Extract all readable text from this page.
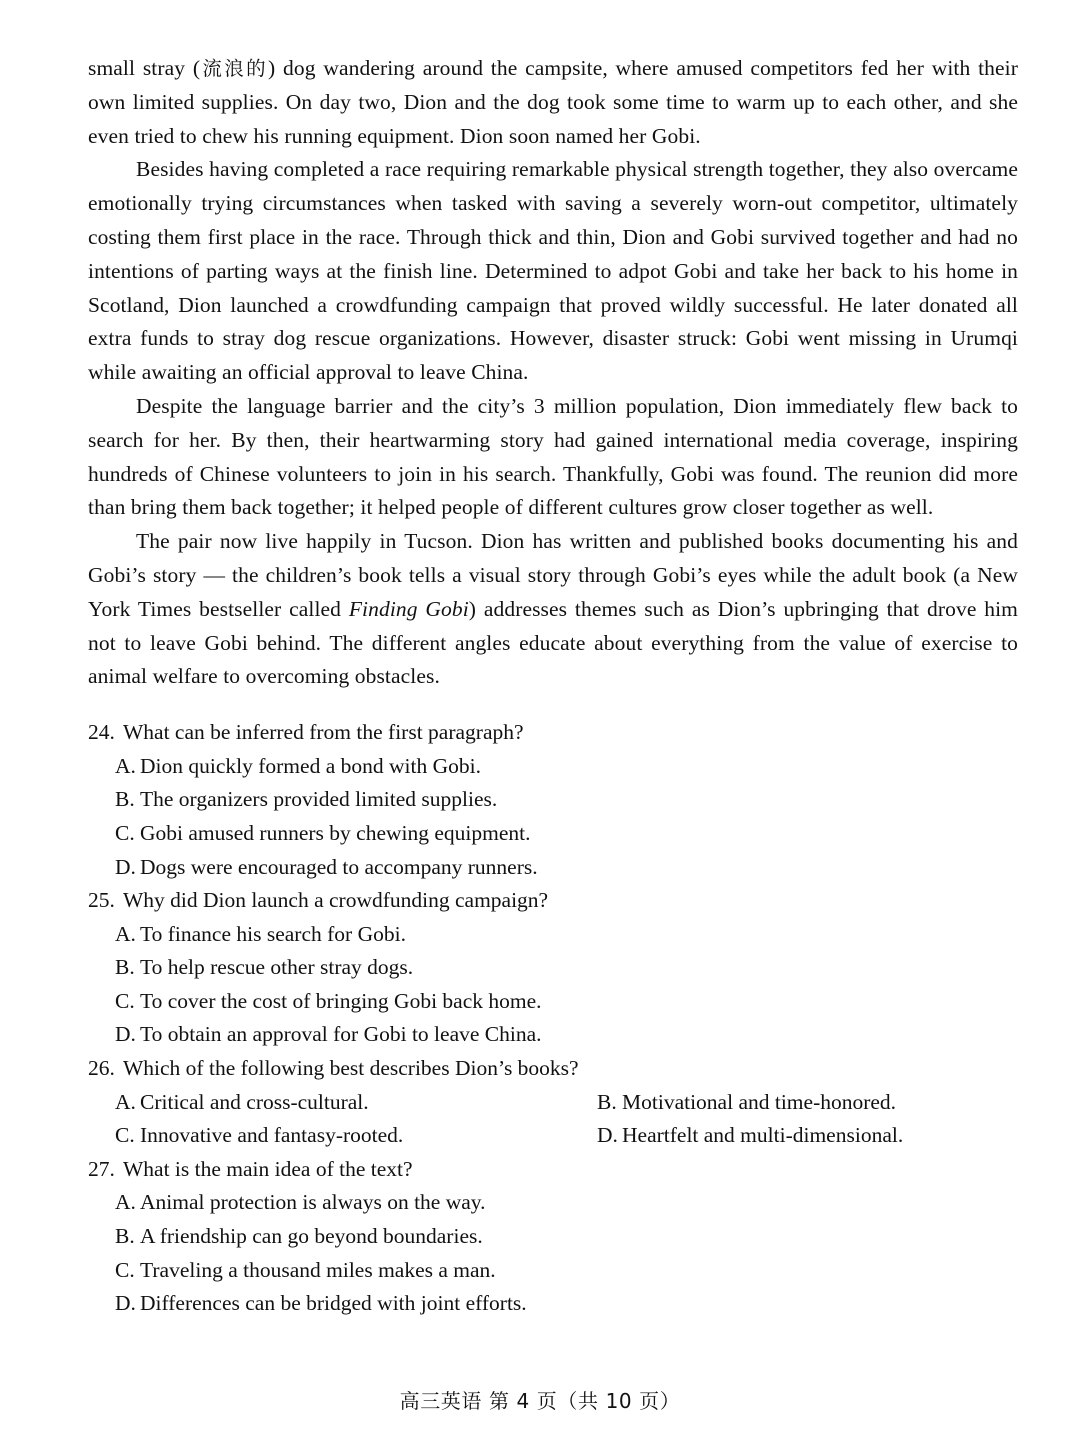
small stray (流浪的) dog wandering around the campsite, where amused competitors fed her with their own limited supplies. On day two, Dion and the dog took some time to warm up to each other, and she even tried to chew his running equipment. Dion soon named her Gobi.

Besides having completed a race requiring remarkable physical strength together, they also overcame emotionally trying circumstances when tasked with saving a severely worn-out competitor, ultimately costing them first place in the race. Through thick and thin, Dion and Gobi survived together and had no intentions of parting ways at the finish line. Determined to adpot Gobi and take her back to his home in Scotland, Dion launched a crowdfunding campaign that proved wildly successful. He later donated all extra funds to stray dog rescue organizations. However, disaster struck: Gobi went missing in Urumqi while awaiting an official approval to leave China.

Despite the language barrier and the city’s 3 million population, Dion immediately flew back to search for her. By then, their heartwarming story had gained international media coverage, inspiring hundreds of Chinese volunteers to join in his search. Thankfully, Gobi was found. The reunion did more than bring them back together; it helped people of different cultures grow closer together as well.

The pair now live happily in Tucson. Dion has written and published books documenting his and Gobi’s story — the children’s book tells a visual story through Gobi’s eyes while the adult book (a New York Times bestseller called Finding Gobi) addresses themes such as Dion’s upbringing that drove him not to leave Gobi behind. The different angles educate about everything from the value of exercise to animal welfare to overcoming obstacles.

24. What can be inferred from the first paragraph?
A. Dion quickly formed a bond with Gobi.
B. The organizers provided limited supplies.
C. Gobi amused runners by chewing equipment.
D. Dogs were encouraged to accompany runners.
25. Why did Dion launch a crowdfunding campaign?
A. To finance his search for Gobi.
B. To help rescue other stray dogs.
C. To cover the cost of bringing Gobi back home.
D. To obtain an approval for Gobi to leave China.
26. Which of the following best describes Dion’s books?
A. Critical and cross-cultural.	B. Motivational and time-honored.
C. Innovative and fantasy-rooted.	D. Heartfelt and multi-dimensional.
27. What is the main idea of the text?
A. Animal protection is always on the way.
B. A friendship can go beyond boundaries.
C. Traveling a thousand miles makes a man.
D. Differences can be bridged with joint efforts.
高三英语 第 4 页（共 10 页）
